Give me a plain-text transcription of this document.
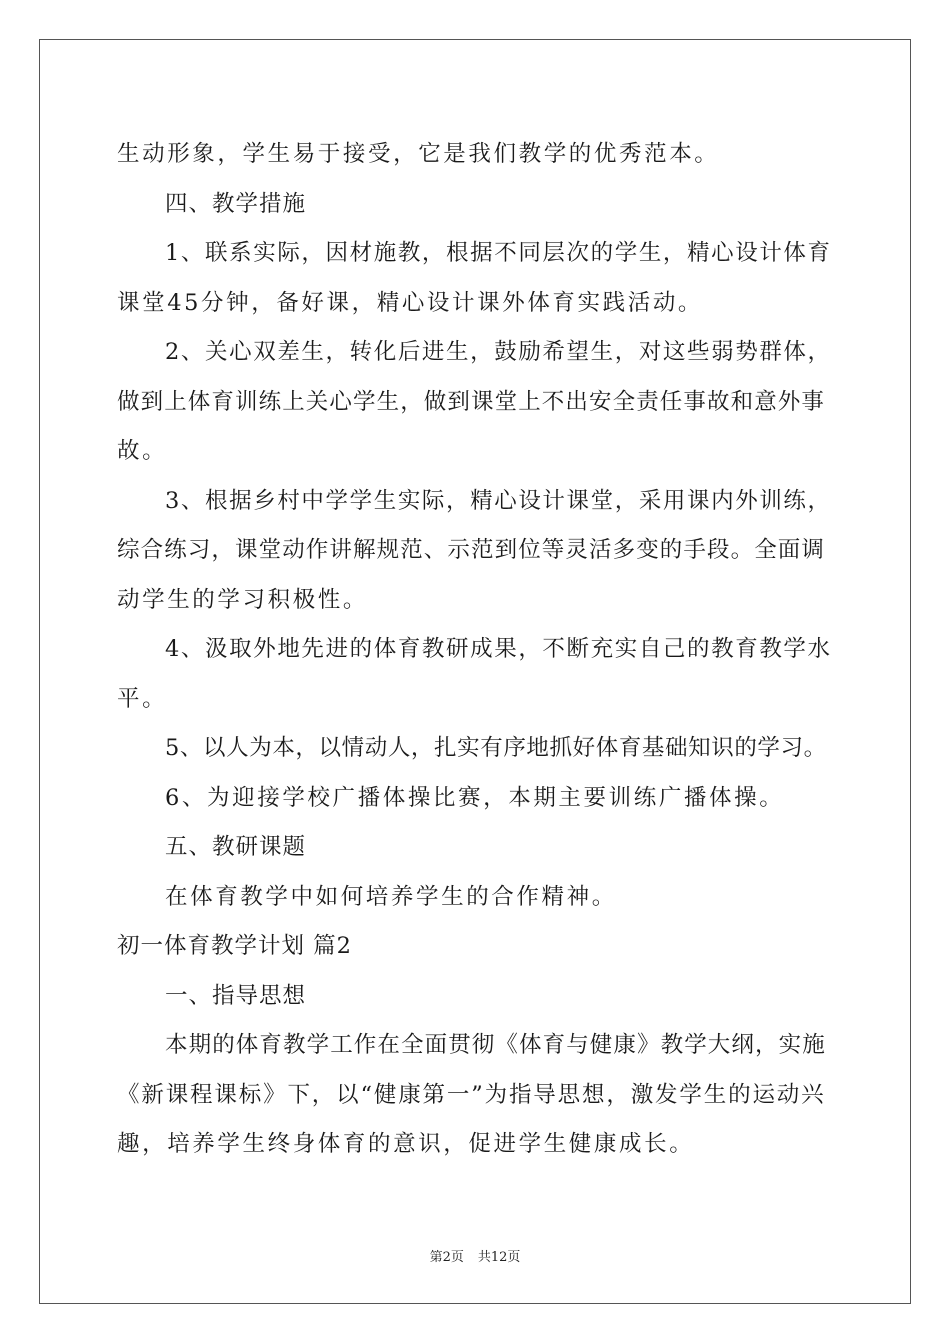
生动形象，学生易于接受，它是我们教学的优秀范本。
四、教学措施
1、联系实际，因材施教，根据不同层次的学生，精心设计体育
课堂45分钟，备好课，精心设计课外体育实践活动。
2、关心双差生，转化后进生，鼓励希望生，对这些弱势群体，
做到上体育训练上关心学生，做到课堂上不出安全责任事故和意外事
故。
3、根据乡村中学学生实际，精心设计课堂，采用课内外训练，
综合练习，课堂动作讲解规范、示范到位等灵活多变的手段。全面调
动学生的学习积极性。
4、汲取外地先进的体育教研成果，不断充实自己的教育教学水
平。
5、以人为本，以情动人，扎实有序地抓好体育基础知识的学习。
6、为迎接学校广播体操比赛，本期主要训练广播体操。
五、教研课题
在体育教学中如何培养学生的合作精神。
初一体育教学计划 篇2
一、指导思想
本期的体育教学工作在全面贯彻《体育与健康》教学大纲，实施
《新课程课标》下，以“健康第一”为指导思想，激发学生的运动兴
趣，培养学生终身体育的意识，促进学生健康成长。
第2页 共12页
